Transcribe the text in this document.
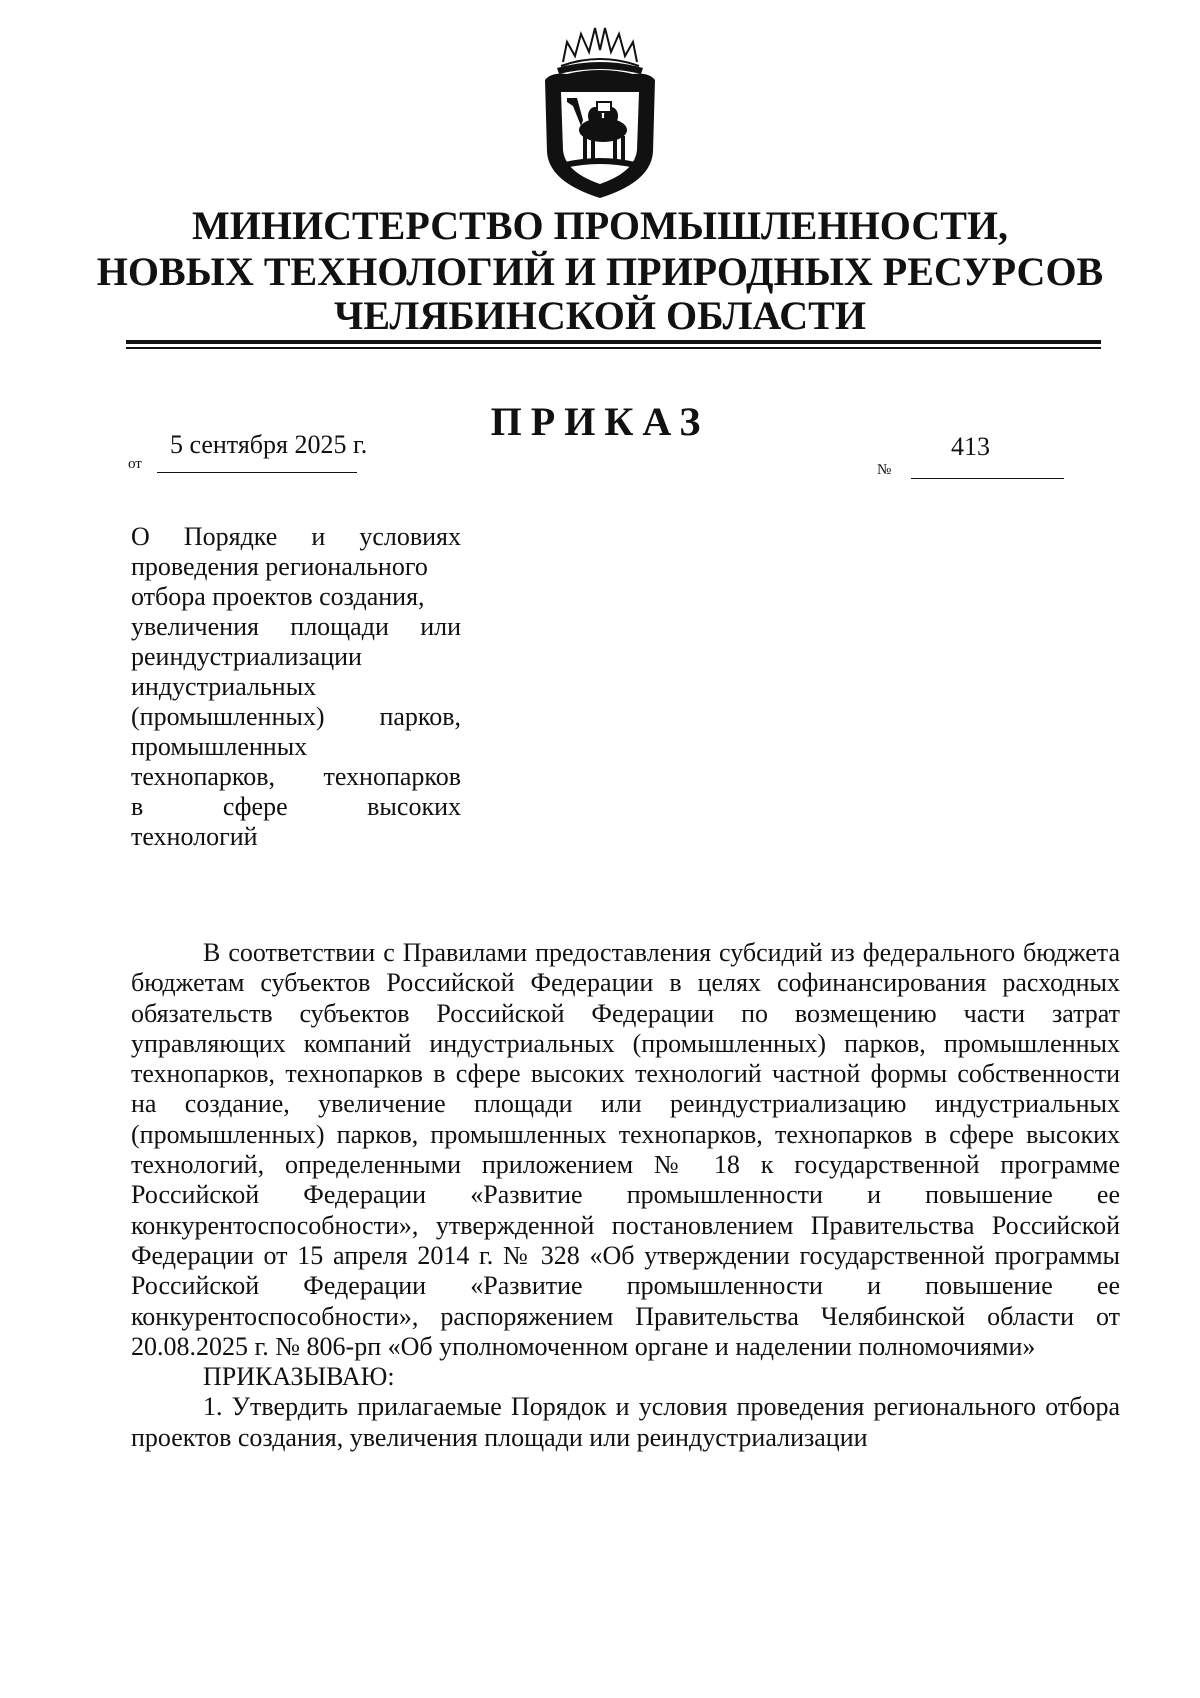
МИНИСТЕРСТВО ПРОМЫШЛЕННОСТИ,
НОВЫХ ТЕХНОЛОГИЙ И ПРИРОДНЫХ РЕСУРСОВ
ЧЕЛЯБИНСКОЙ ОБЛАСТИ
ПРИКАЗ
от
5 сентября 2025 г.
№
413
О Порядке и условиях
проведения регионального
отбора проектов создания,
увеличения площади или
реиндустриализации
индустриальных
(промышленных) парков,
промышленных
технопарков, технопарков
в сфере высоких
технологий

В соответствии с Правилами предоставления субсидий из федерального бюджета бюджетам субъектов Российской Федерации в целях софинансирования расходных обязательств субъектов Российской Федерации по возмещению части затрат управляющих компаний индустриальных (промышленных) парков, промышленных технопарков, технопарков в сфере высоких технологий частной формы собственности на создание, увеличение площади или реиндустриализацию индустриальных (промышленных) парков, промышленных технопарков, технопарков в сфере высоких технологий, определенными приложением № 18 к государственной программе Российской Федерации «Развитие промышленности и повышение ее конкурентоспособности», утвержденной постановлением Правительства Российской Федерации от 15 апреля 2014 г. № 328 «Об утверждении государственной программы Российской Федерации «Развитие промышленности и повышение ее конкурентоспособности», распоряжением Правительства Челябинской области от 20.08.2025 г. № 806-рп «Об уполномоченном органе и наделении полномочиями»

ПРИКАЗЫВАЮ:

1. Утвердить прилагаемые Порядок и условия проведения регионального отбора проектов создания, увеличения площади или реиндустриализации
